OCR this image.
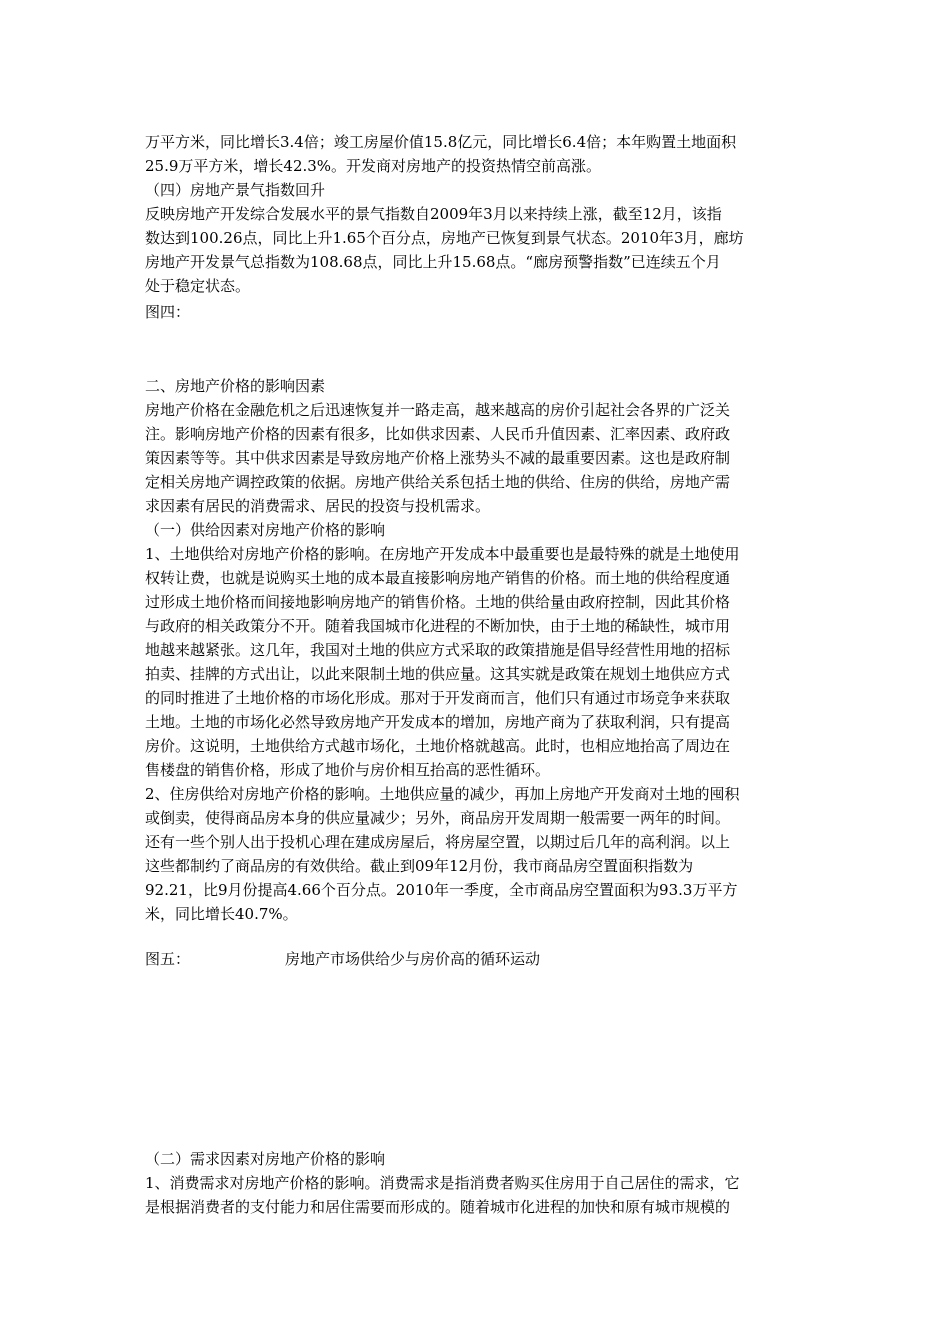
万平方米，同比增长3.4倍；竣工房屋价值15.8亿元，同比增长6.4倍；本年购置土地面积
25.9万平方米，增长42.3%。开发商对房地产的投资热情空前高涨。
（四）房地产景气指数回升
反映房地产开发综合发展水平的景气指数自2009年3月以来持续上涨，截至12月，该指
数达到100.26点，同比上升1.65个百分点，房地产已恢复到景气状态。2010年3月，廊坊
房地产开发景气总指数为108.68点，同比上升15.68点。“廊房预警指数”已连续五个月
处于稳定状态。
图四：
二、房地产价格的影响因素
房地产价格在金融危机之后迅速恢复并一路走高，越来越高的房价引起社会各界的广泛关
注。影响房地产价格的因素有很多，比如供求因素、人民币升值因素、汇率因素、政府政
策因素等等。其中供求因素是导致房地产价格上涨势头不减的最重要因素。这也是政府制
定相关房地产调控政策的依据。房地产供给关系包括土地的供给、住房的供给，房地产需
求因素有居民的消费需求、居民的投资与投机需求。
（一）供给因素对房地产价格的影响
1、土地供给对房地产价格的影响。在房地产开发成本中最重要也是最特殊的就是土地使用
权转让费，也就是说购买土地的成本最直接影响房地产销售的价格。而土地的供给程度通
过形成土地价格而间接地影响房地产的销售价格。土地的供给量由政府控制，因此其价格
与政府的相关政策分不开。随着我国城市化进程的不断加快，由于土地的稀缺性，城市用
地越来越紧张。这几年，我国对土地的供应方式采取的政策措施是倡导经营性用地的招标
拍卖、挂牌的方式出让，以此来限制土地的供应量。这其实就是政策在规划土地供应方式
的同时推进了土地价格的市场化形成。那对于开发商而言，他们只有通过市场竞争来获取
土地。土地的市场化必然导致房地产开发成本的增加，房地产商为了获取利润，只有提高
房价。这说明，土地供给方式越市场化，土地价格就越高。此时，也相应地抬高了周边在
售楼盘的销售价格，形成了地价与房价相互抬高的恶性循环。
2、住房供给对房地产价格的影响。土地供应量的减少，再加上房地产开发商对土地的囤积
或倒卖，使得商品房本身的供应量减少；另外，商品房开发周期一般需要一两年的时间。
还有一些个别人出于投机心理在建成房屋后，将房屋空置，以期过后几年的高利润。以上
这些都制约了商品房的有效供给。截止到09年12月份，我市商品房空置面积指数为
92.21，比9月份提高4.66个百分点。2010年一季度，全市商品房空置面积为93.3万平方
米，同比增长40.7%。
图五：	房地产市场供给少与房价高的循环运动
（二）需求因素对房地产价格的影响
1、消费需求对房地产价格的影响。消费需求是指消费者购买住房用于自己居住的需求，它
是根据消费者的支付能力和居住需要而形成的。随着城市化进程的加快和原有城市规模的
